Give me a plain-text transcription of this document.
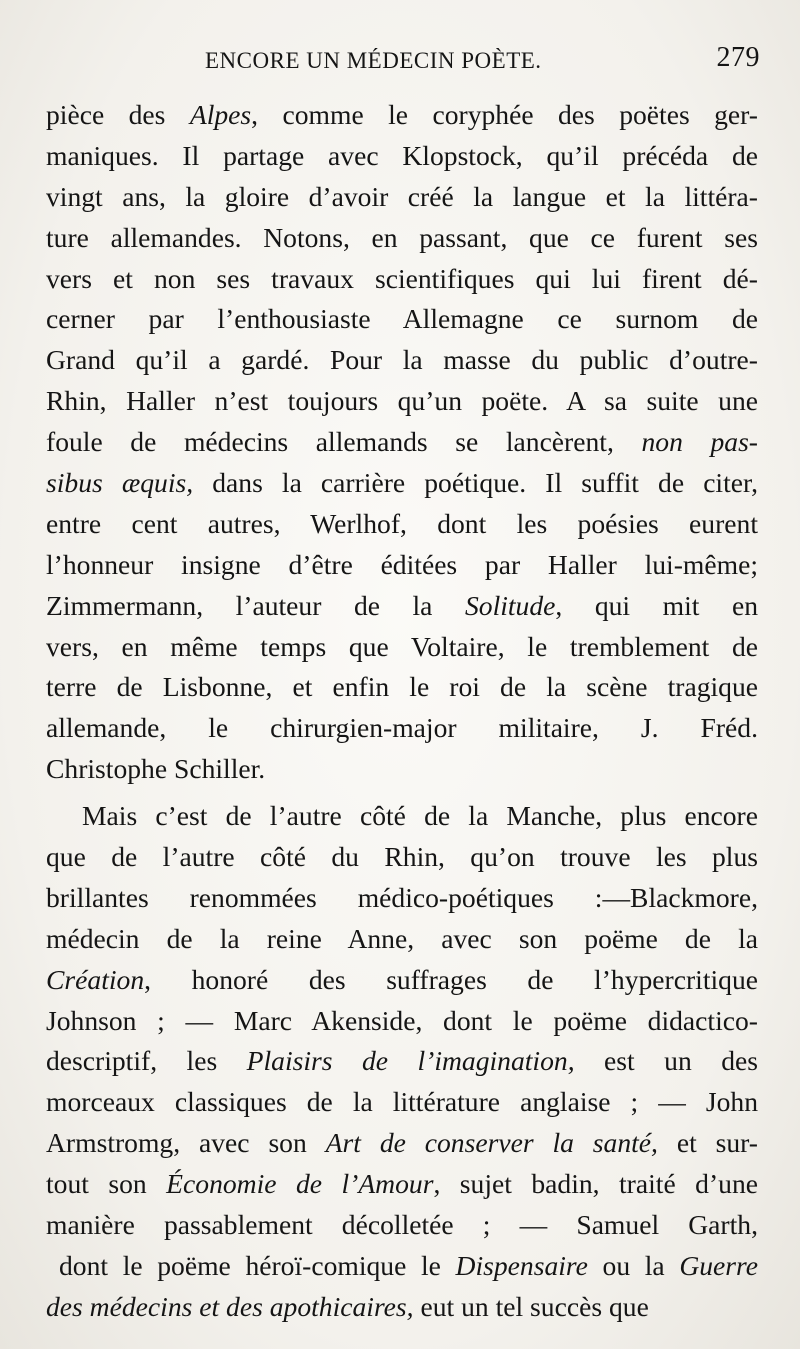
ENCORE UN MÉDECIN POÈTE.	279
pièce des Alpes, comme le coryphée des poëtes ger-
maniques. Il partage avec Klopstock, qu’il précéda de
vingt ans, la gloire d’avoir créé la langue et la littéra-
ture allemandes. Notons, en passant, que ce furent ses
vers et non ses travaux scientifiques qui lui firent dé-
cerner par l’enthousiaste Allemagne ce surnom de
Grand qu’il a gardé. Pour la masse du public d’outre-
Rhin, Haller n’est toujours qu’un poëte. A sa suite une
foule de médecins allemands se lancèrent, non pas-
sibus æquis, dans la carrière poétique. Il suffit de citer,
entre cent autres, Werlhof, dont les poésies eurent
l’honneur insigne d’être éditées par Haller lui-même;
Zimmermann, l’auteur de la Solitude, qui mit en
vers, en même temps que Voltaire, le tremblement de
terre de Lisbonne, et enfin le roi de la scène tragique
allemande, le chirurgien-major militaire, J. Fréd.
Christophe Schiller.
Mais c’est de l’autre côté de la Manche, plus encore
que de l’autre côté du Rhin, qu’on trouve les plus
brillantes renommées médico-poétiques :—Blackmore,
médecin de la reine Anne, avec son poëme de la
Création, honoré des suffrages de l’hypercritique
Johnson ; — Marc Akenside, dont le poëme didactico-
descriptif, les Plaisirs de l’imagination, est un des
morceaux classiques de la littérature anglaise ; — John
Armstromg, avec son Art de conserver la santé, et sur-
tout son Économie de l’Amour, sujet badin, traité d’une
manière passablement décolletée ; — Samuel Garth,
dont le poëme héroï-comique le Dispensaire ou la Guerre
des médecins et des apothicaires, eut un tel succès que
